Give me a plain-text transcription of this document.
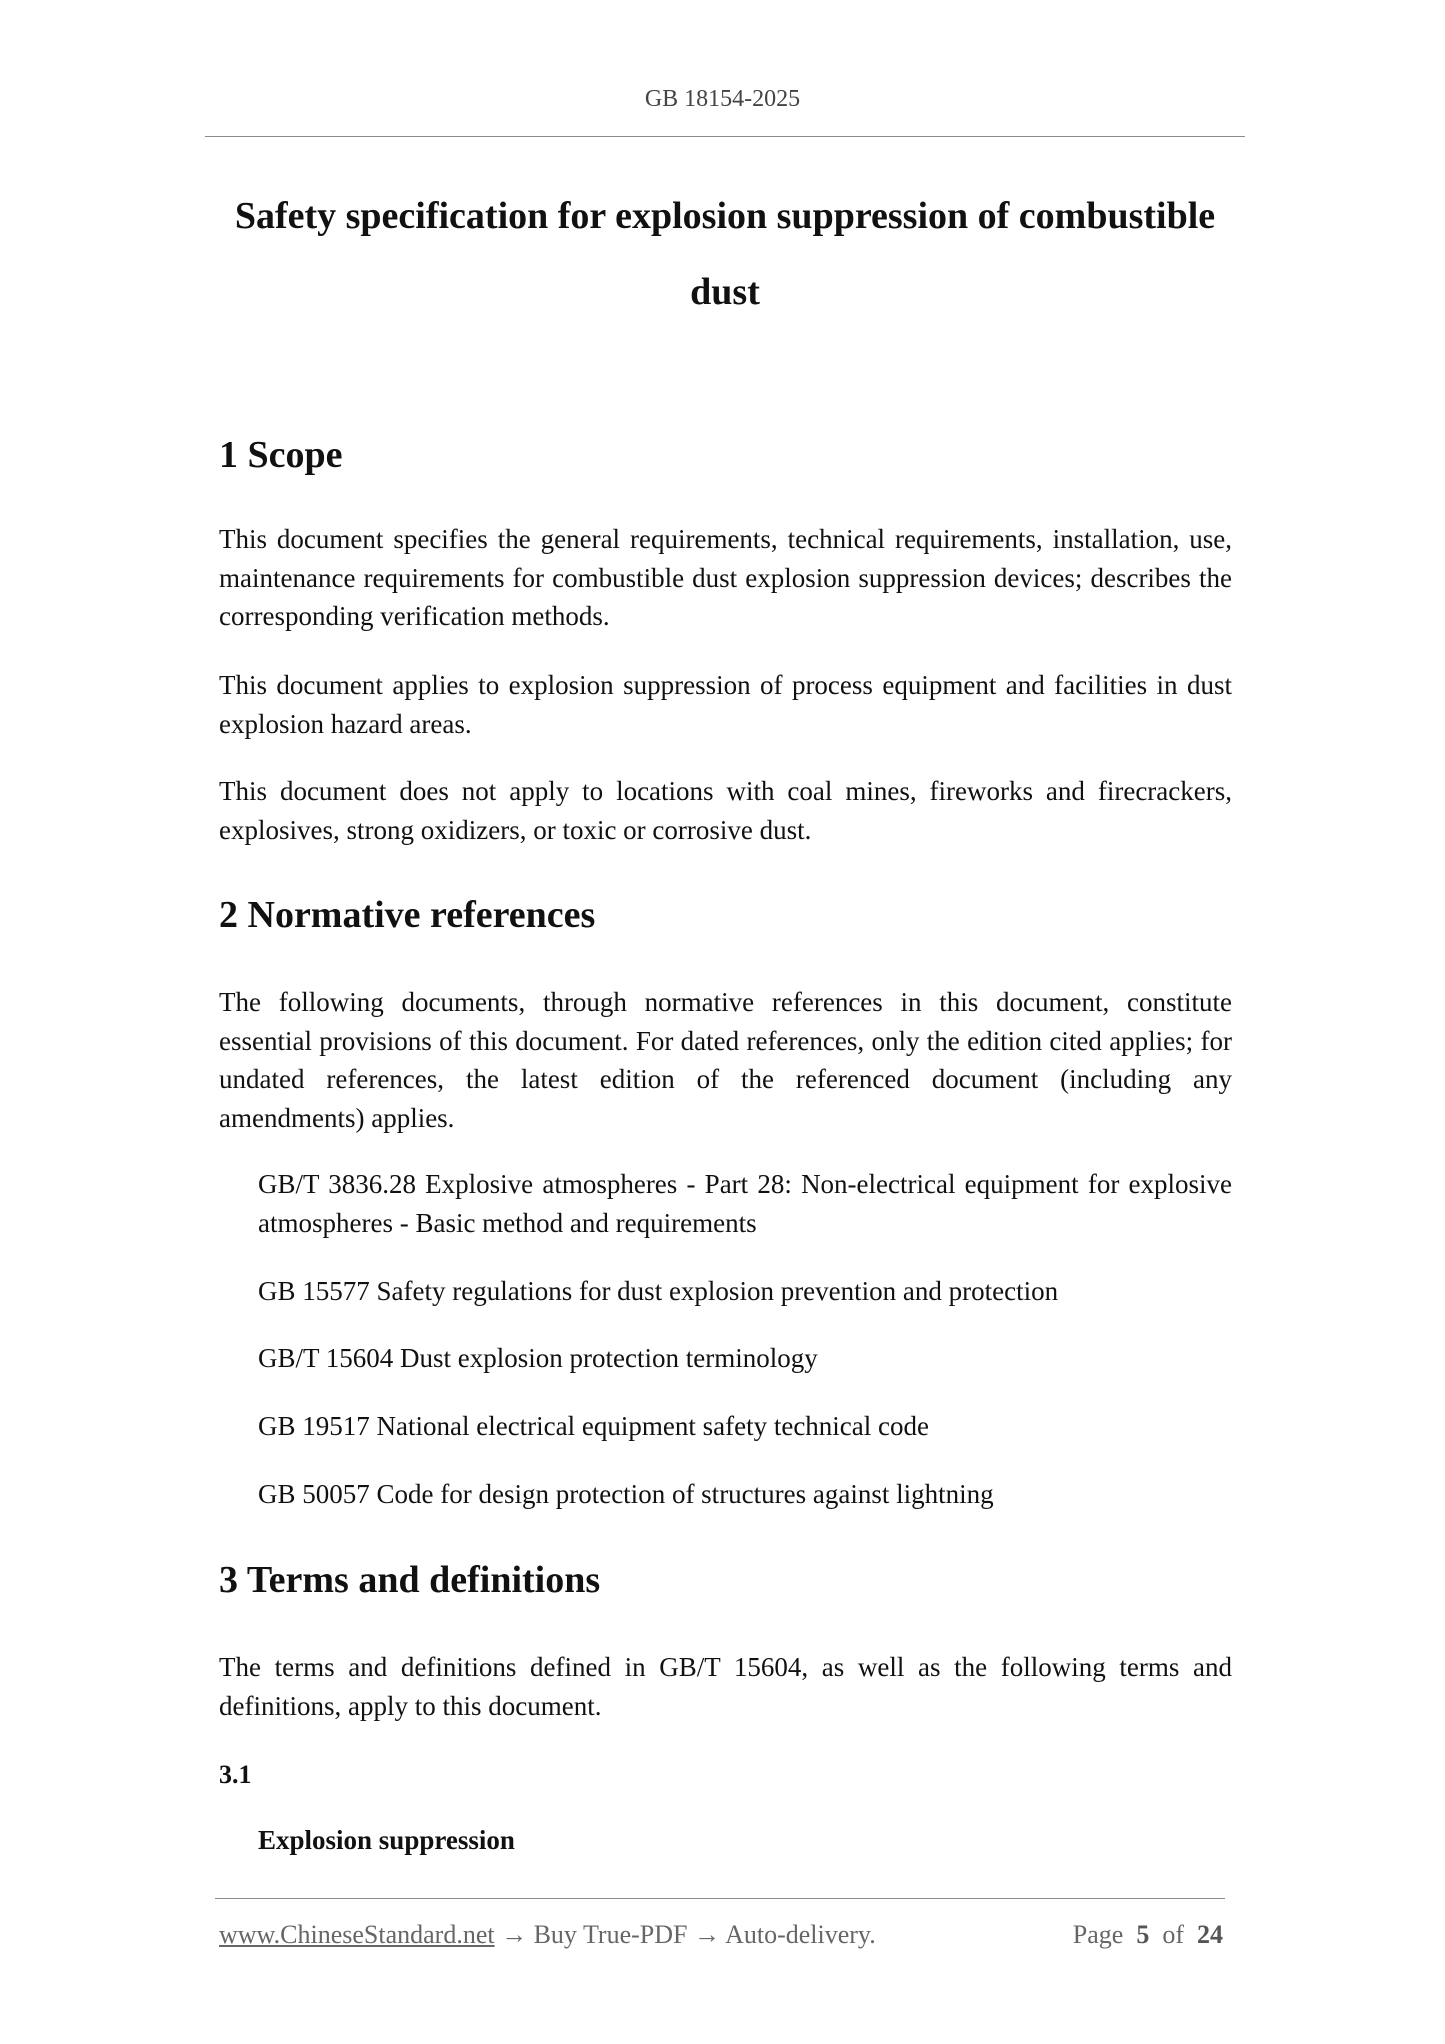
GB 18154-2025
Safety specification for explosion suppression of combustible
dust
1 Scope

This document specifies the general requirements, technical requirements, installation, use, maintenance requirements for combustible dust explosion suppression devices; describes the corresponding verification methods.

This document applies to explosion suppression of process equipment and facilities in dust explosion hazard areas.

This document does not apply to locations with coal mines, fireworks and firecrackers, explosives, strong oxidizers, or toxic or corrosive dust.

2 Normative references

The following documents, through normative references in this document, constitute essential provisions of this document. For dated references, only the edition cited applies; for undated references, the latest edition of the referenced document (including any amendments) applies.

GB/T 3836.28 Explosive atmospheres - Part 28: Non-electrical equipment for explosive atmospheres - Basic method and requirements

GB 15577 Safety regulations for dust explosion prevention and protection

GB/T 15604 Dust explosion protection terminology

GB 19517 National electrical equipment safety technical code

GB 50057 Code for design protection of structures against lightning

3 Terms and definitions

The terms and definitions defined in GB/T 15604, as well as the following terms and definitions, apply to this document.

3.1
Explosion suppression
www.ChineseStandard.net → Buy True-PDF → Auto-delivery.	Page 5 of 24
